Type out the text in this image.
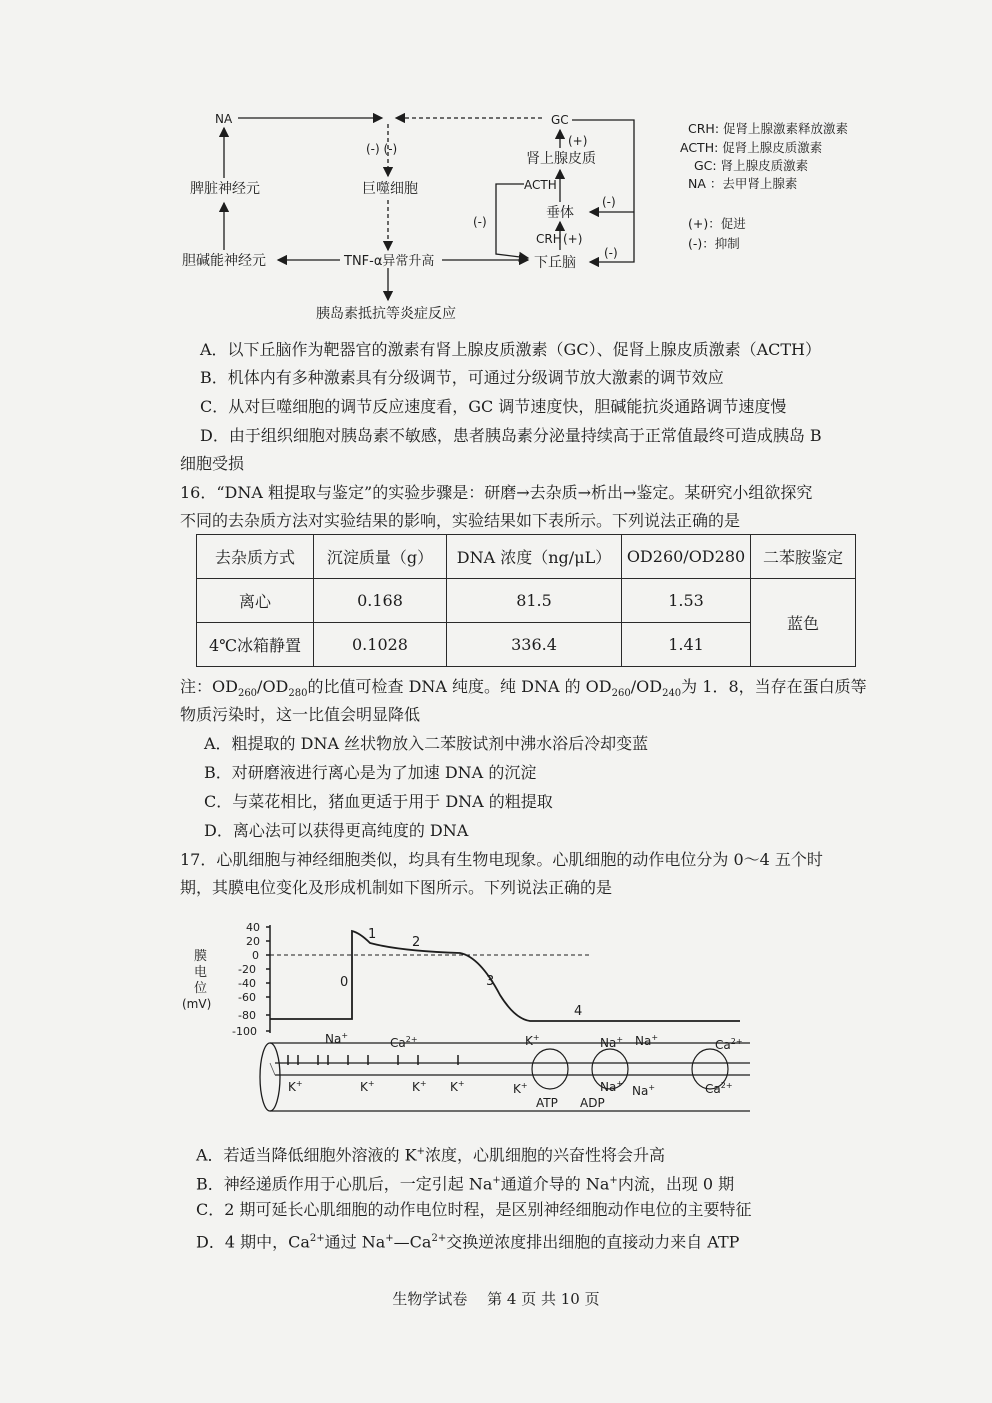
NA
脾脏神经元
胆碱能神经元
(-) (-)
巨噬细胞
TNF-α异常升高
胰岛素抵抗等炎症反应
GC
(+)
肾上腺皮质
ACTH
垂体
(-)
(-)
CRH (+)
(-)
下丘脑
CRH: 促肾上腺激素释放激素
ACTH: 促肾上腺皮质激素
GC: 肾上腺皮质激素
NA ：去甲肾上腺素
(+)：促进
(-)：抑制
A．以下丘脑作为靶器官的激素有肾上腺皮质激素（GC）、促肾上腺皮质激素（ACTH）
B．机体内有多种激素具有分级调节，可通过分级调节放大激素的调节效应
C．从对巨噬细胞的调节反应速度看，GC 调节速度快，胆碱能抗炎通路调节速度慢
D．由于组织细胞对胰岛素不敏感，患者胰岛素分泌量持续高于正常值最终可造成胰岛 B
细胞受损
16．“DNA 粗提取与鉴定”的实验步骤是：研磨→去杂质→析出→鉴定。某研究小组欲探究
不同的去杂质方法对实验结果的影响，实验结果如下表所示。下列说法正确的是
去杂质方式	沉淀质量（g）	DNA 浓度（ng/μL）	OD260/OD280	二苯胺鉴定
离心	0.168	81.5	1.53	蓝色
4℃冰箱静置	0.1028	336.4	1.41	
注：$OD_{260}/OD_{280}$的比值可检查 DNA 纯度。纯 DNA 的 $OD_{260}/OD_{240}$为 1．8，当存在蛋白质等
物质污染时，这一比值会明显降低
A．粗提取的 DNA 丝状物放入二苯胺试剂中沸水浴后冷却变蓝
B．对研磨液进行离心是为了加速 DNA 的沉淀
C．与菜花相比，猪血更适于用于 DNA 的粗提取
D．离心法可以获得更高纯度的 DNA
17．心肌细胞与神经细胞类似，均具有生物电现象。心肌细胞的动作电位分为 0～4 五个时
期，其膜电位变化及形成机制如下图所示。下列说法正确的是
膜
电
位
(mV)
40
20
0
-20
-40
-60
-80
-100
0
1
2
3
4
Na+
$Ca^{2+}$	K+	Na+ Na+
$Ca^{2+}$
K+	K+	K+ K+	K+	Na+
Na+	$Ca^{2+}$
ATP ADP
A．若适当降低细胞外溶液的 K+浓度，心肌细胞的兴奋性将会升高
B．神经递质作用于心肌后，一定引起 Na+通道介导的 Na+内流，出现 0 期
C．2 期可延长心肌细胞的动作电位时程，是区别神经细胞动作电位的主要特征
D．4 期中，$Ca^{2+}$通过 $Na^+—Ca^{2+}$交换逆浓度排出细胞的直接动力来自 ATP
生物学试卷　 第 4 页 共 10 页
